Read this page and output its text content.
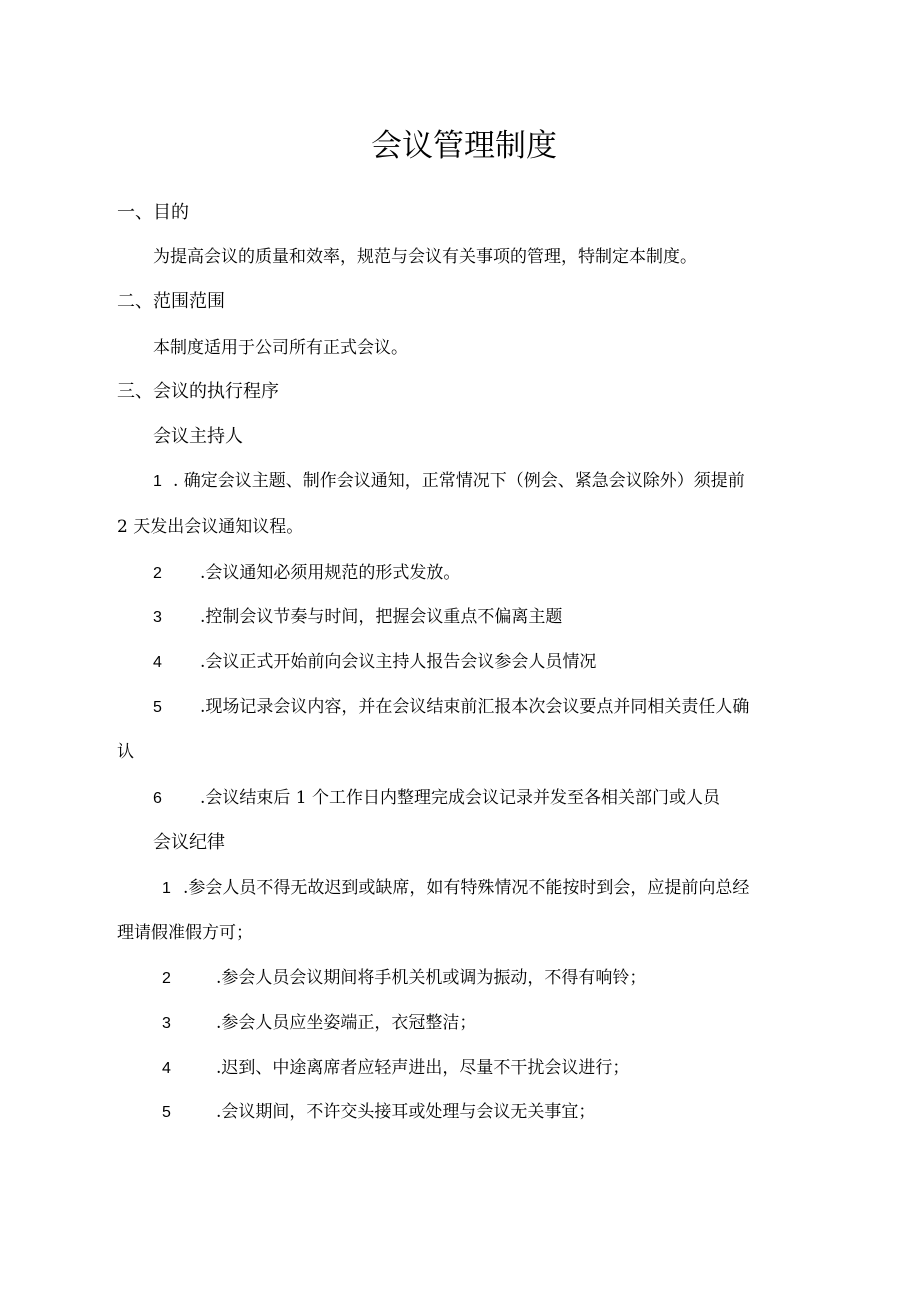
会议管理制度
一、目的
为提高会议的质量和效率，规范与会议有关事项的管理，特制定本制度。
二、范围范围
本制度适用于公司所有正式会议。
三、会议的执行程序
会议主持人
1 . 确定会议主题、制作会议通知，正常情况下（例会、紧急会议除外）须提前
2 天发出会议通知议程。
2 .会议通知必须用规范的形式发放。
3 .控制会议节奏与时间，把握会议重点不偏离主题
4 .会议正式开始前向会议主持人报告会议参会人员情况
5 .现场记录会议内容，并在会议结束前汇报本次会议要点并同相关责任人确
认
6 .会议结束后 1 个工作日内整理完成会议记录并发至各相关部门或人员
会议纪律
1 .参会人员不得无故迟到或缺席，如有特殊情况不能按时到会，应提前向总经
理请假准假方可；
2	.参会人员会议期间将手机关机或调为振动，不得有响铃；
3	.参会人员应坐姿端正，衣冠整洁；
4	.迟到、中途离席者应轻声进出，尽量不干扰会议进行；
5	.会议期间，不许交头接耳或处理与会议无关事宜；
